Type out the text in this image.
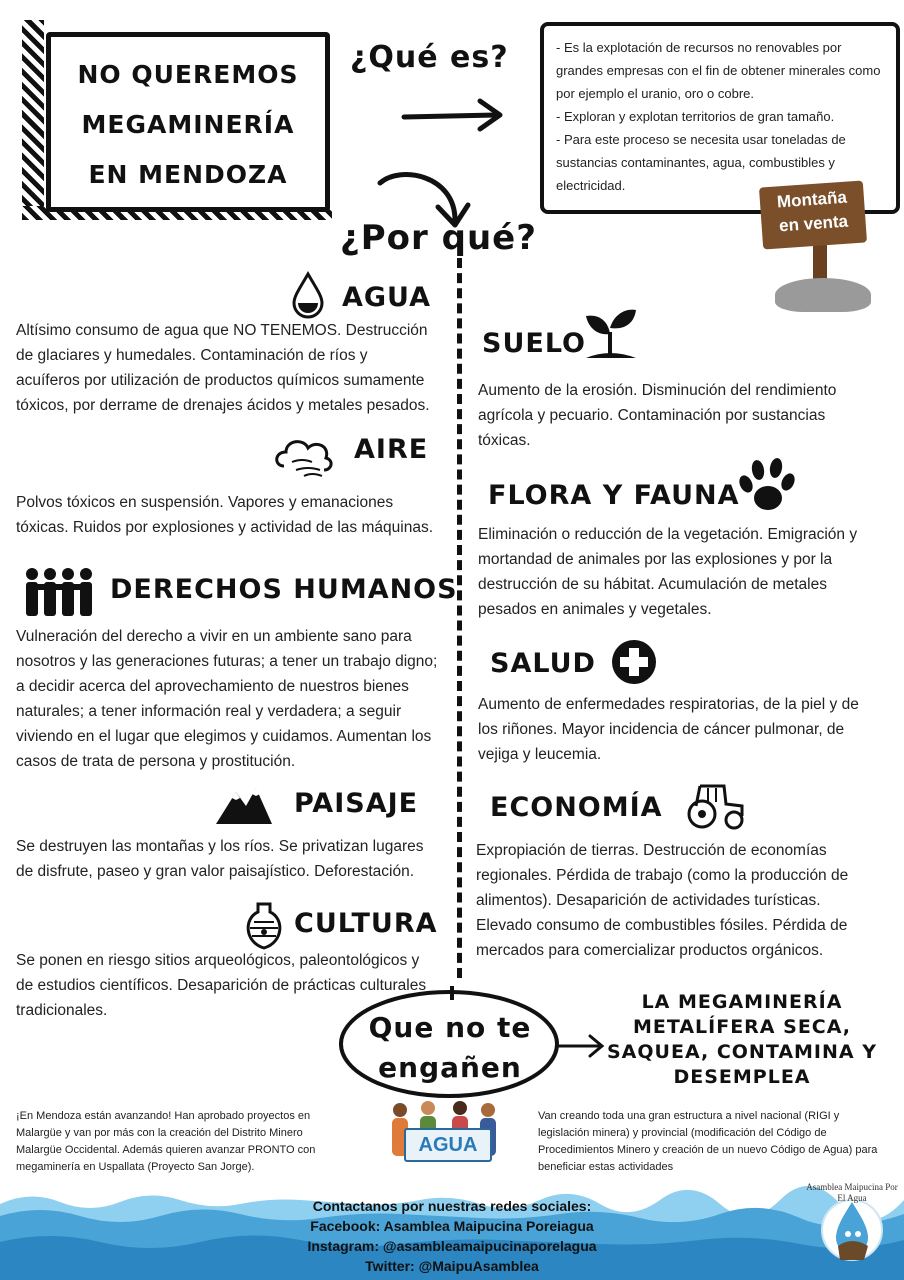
NO QUEREMOS
MEGAMINERÍA
EN MENDOZA
¿Qué es?	- Es la explotación de recursos no renovables por grandes empresas con el fin de obtener minerales como por ejemplo el uranio, oro o cobre.
- Exploran y explotan territorios de gran tamaño.
- Para este proceso se necesita usar toneladas de sustancias contaminantes, agua, combustibles y electricidad.
Montaña
en venta
¿Por qué?
AGUA
Altísimo consumo de agua que NO TENEMOS. Destrucción de glaciares y humedales. Contaminación de ríos y acuíferos por utilización de productos químicos sumamente tóxicos, por derrame de drenajes ácidos y metales pesados.
AIRE
Polvos tóxicos en suspensión. Vapores y emanaciones tóxicas. Ruidos por explosiones y actividad de las máquinas.
DERECHOS HUMANOS
Vulneración del derecho a vivir en un ambiente sano para nosotros y las generaciones futuras; a tener un trabajo digno; a decidir acerca del aprovechamiento de nuestros bienes naturales; a tener información real y verdadera; a seguir viviendo en el lugar que elegimos y cuidamos. Aumentan los casos de trata de persona y prostitución.
PAISAJE
Se destruyen las montañas y los ríos. Se privatizan lugares de disfrute, paseo y gran valor paisajístico. Deforestación.
CULTURA
Se ponen en riesgo sitios arqueológicos, paleontológicos y de estudios científicos. Desaparición de prácticas culturales tradicionales.
SUELO
Aumento de la erosión. Disminución del rendimiento agrícola y pecuario. Contaminación por sustancias tóxicas.
FLORA Y FAUNA
Eliminación o reducción de la vegetación. Emigración y mortandad de animales por las explosiones y por la destrucción de su hábitat. Acumulación de metales pesados en animales y vegetales.
SALUD
Aumento de enfermedades respiratorias, de la piel y de los riñones. Mayor incidencia de cáncer pulmonar, de vejiga y leucemia.
ECONOMÍA
Expropiación de tierras. Destrucción de economías regionales. Pérdida de trabajo (como la producción de alimentos). Desaparición de actividades turísticas. Elevado consumo de combustibles fósiles. Pérdida de mercados para comercializar productos orgánicos.
Que no te
engañen
LA MEGAMINERÍA
METALÍFERA SECA,
SAQUEA, CONTAMINA Y
DESEMPLEA
¡En Mendoza están avanzando! Han aprobado proyectos en Malargüe y van por más con la creación del Distrito Minero Malargüe Occidental. Además quieren avanzar PRONTO con megaminería en Uspallata (Proyecto San Jorge).
AGUA
Van creando toda una gran estructura a nivel nacional (RIGI y legislación minera) y provincial (modificación del Código de Procedimientos Minero y creación de un nuevo Código de Agua) para beneficiar estas actividades
Contactanos por nuestras redes sociales:
Facebook: Asamblea Maipucina Poreiagua
Instagram: @asambleamaipucinaporelagua
Twitter: @MaipuAsamblea
Asamblea Maipucina Por El Agua
